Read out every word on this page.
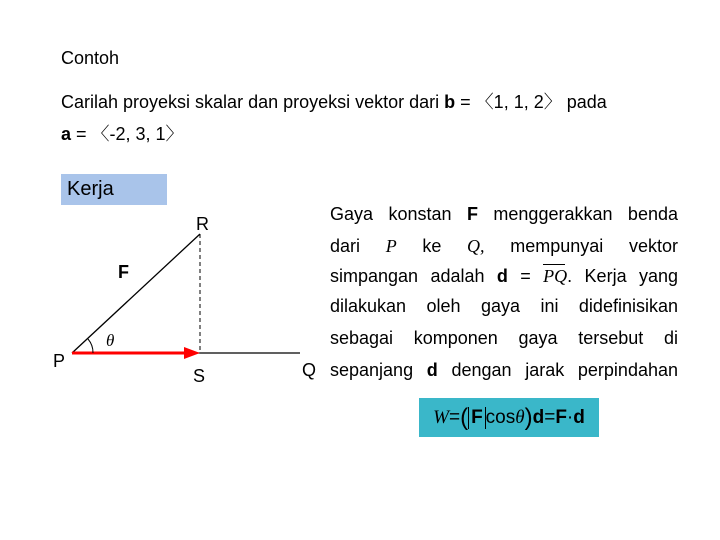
Contoh
Carilah proyeksi skalar dan proyeksi vektor dari b = 〈1, 1, 2〉 pada
a = 〈-2, 3, 1〉
Kerja
R
F
P
S	Q
θ
Gaya konstan F menggerakkan benda
dari P ke Q, mempunyai vektor
simpangan adalah d = PQ. Kerja yang
dilakukan oleh gaya ini didefinisikan
sebagai komponen gaya tersebut di
sepanjang d dengan jarak perpindahan
W = ( F cos θ ) d = F · d
